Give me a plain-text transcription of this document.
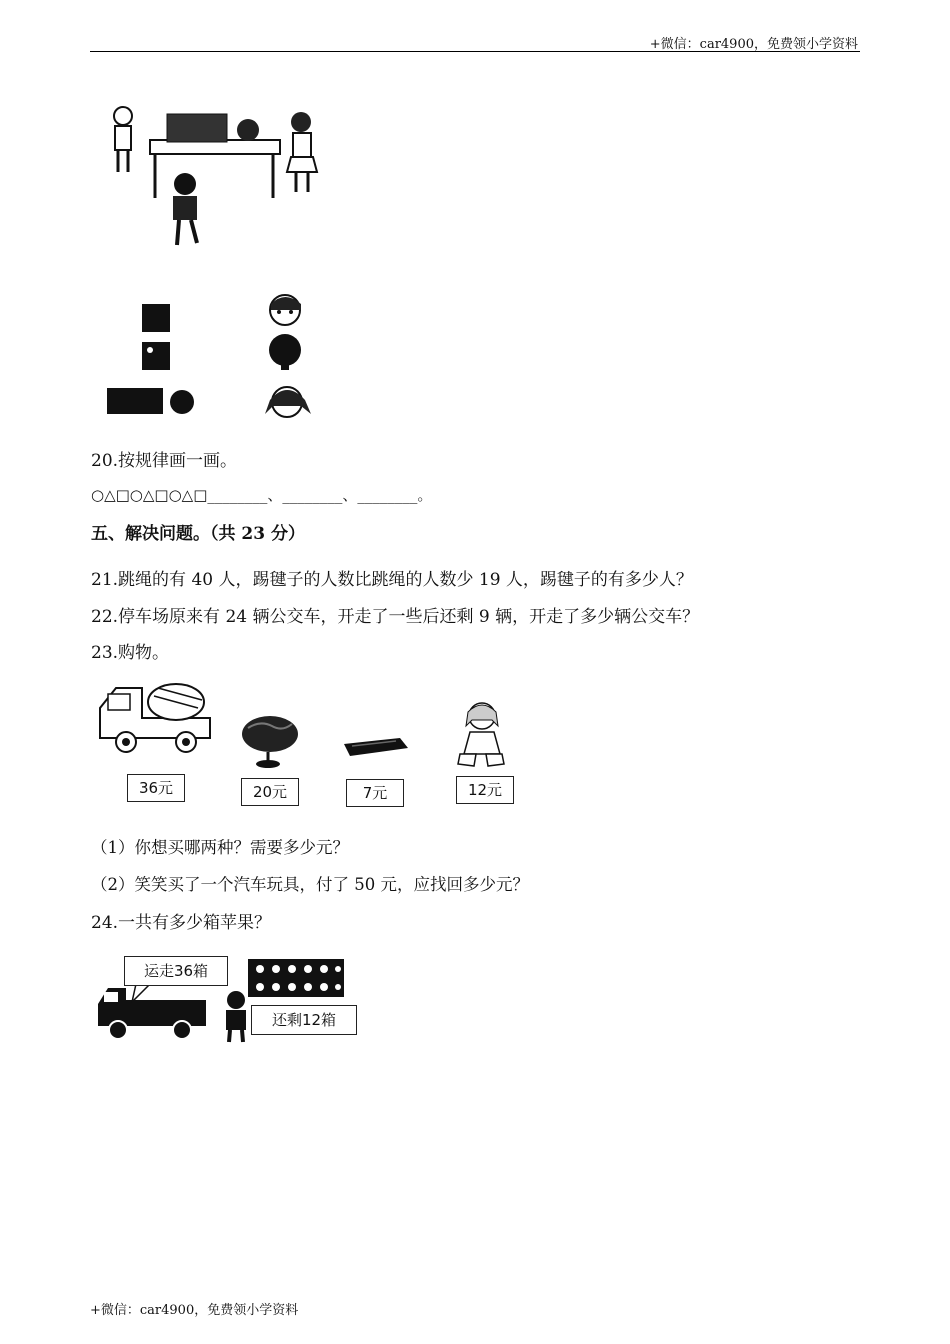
+微信：car4900，免费领小学资料
20.按规律画一画。
○△□○△□○△□________、________、________。
五、解决问题。（共 23 分）
21.跳绳的有 40 人，踢毽子的人数比跳绳的人数少 19 人，踢毽子的有多少人？
22.停车场原来有 24 辆公交车，开走了一些后还剩 9 辆，开走了多少辆公交车？
23.购物。
36元	20元	7元	12元
（1）你想买哪两种？需要多少元？
（2）笑笑买了一个汽车玩具，付了 50 元，应找回多少元？
24.一共有多少箱苹果？
运走36箱
还剩12箱
+微信：car4900，免费领小学资料
